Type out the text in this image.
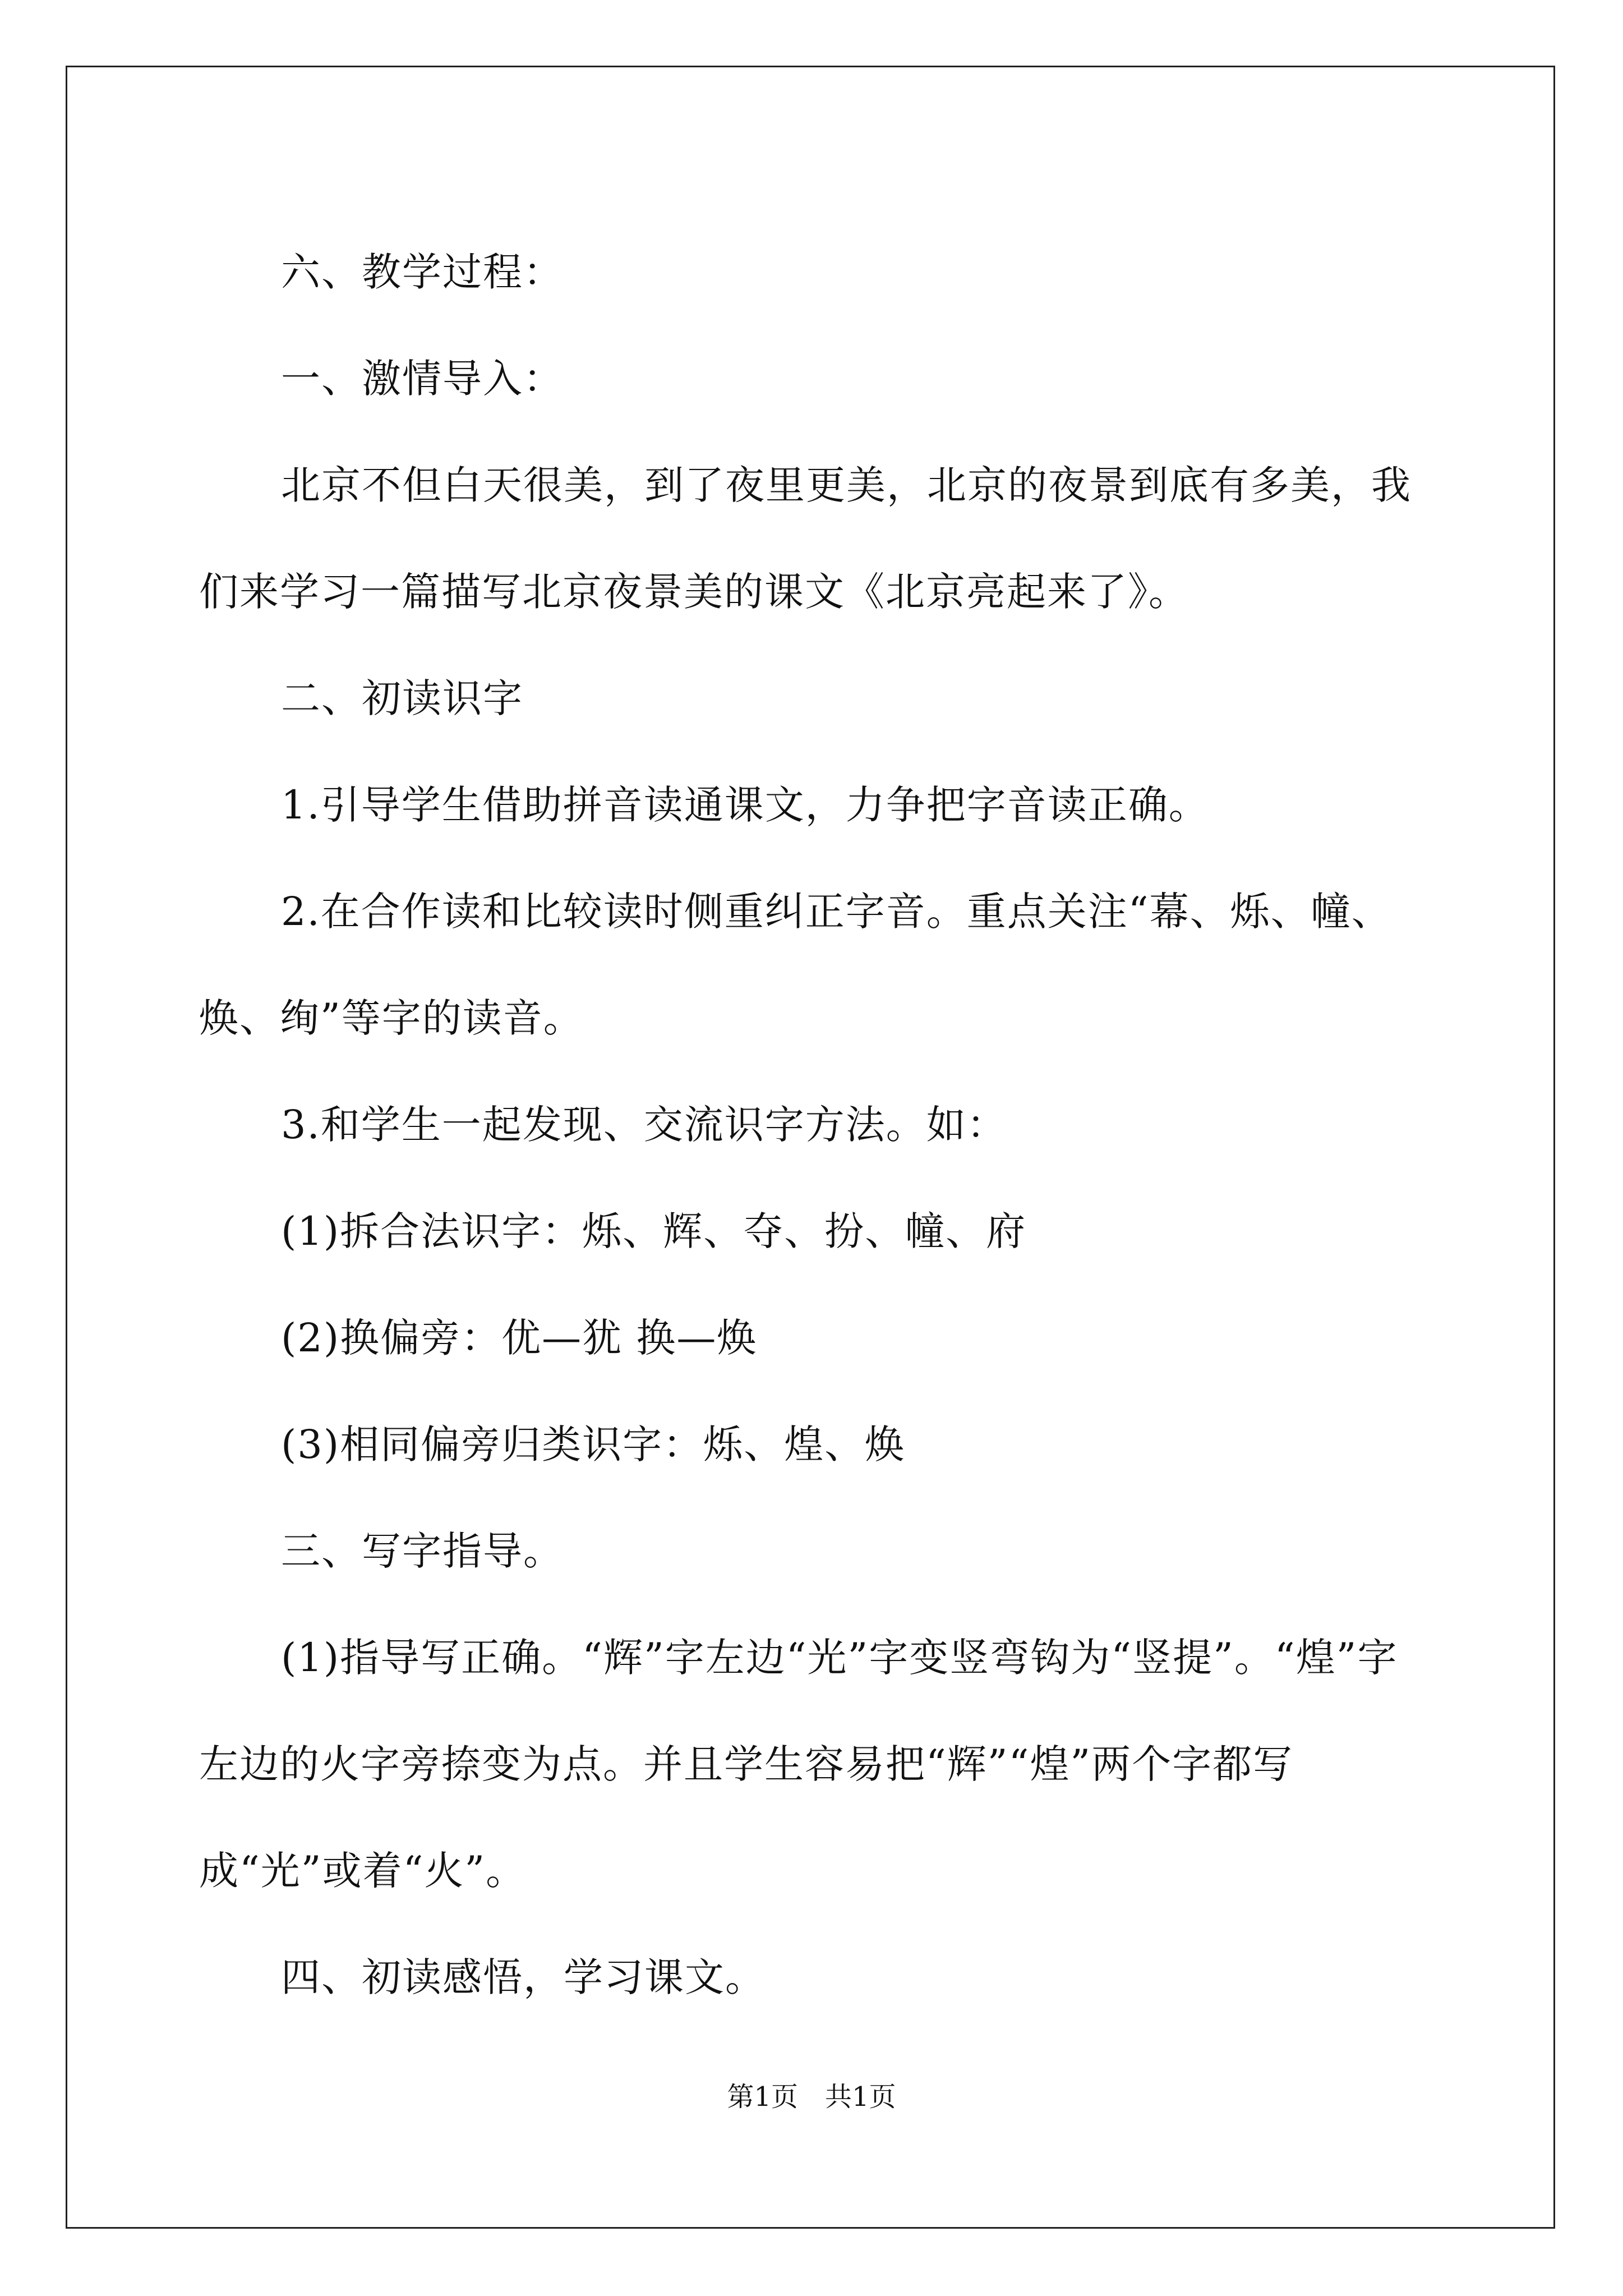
六、教学过程：

一、激情导入：

北京不但白天很美，到了夜里更美，北京的夜景到底有多美，我们来学习一篇描写北京夜景美的课文《北京亮起来了》。

二、初读识字

1.引导学生借助拼音读通课文，力争把字音读正确。

2.在合作读和比较读时侧重纠正字音。重点关注“幕、烁、幢、焕、绚”等字的读音。

3.和学生一起发现、交流识字方法。如：

(1)拆合法识字：烁、辉、夺、扮、幢、府

(2)换偏旁：优—犹 换—焕

(3)相同偏旁归类识字：烁、煌、焕

三、写字指导。

(1)指导写正确。“辉”字左边“光”字变竖弯钩为“竖提”。“煌”字左边的火字旁捺变为点。并且学生容易把“辉”“煌”两个字都写成“光”或着“火”。

四、初读感悟，学习课文。

第1页　共1页
